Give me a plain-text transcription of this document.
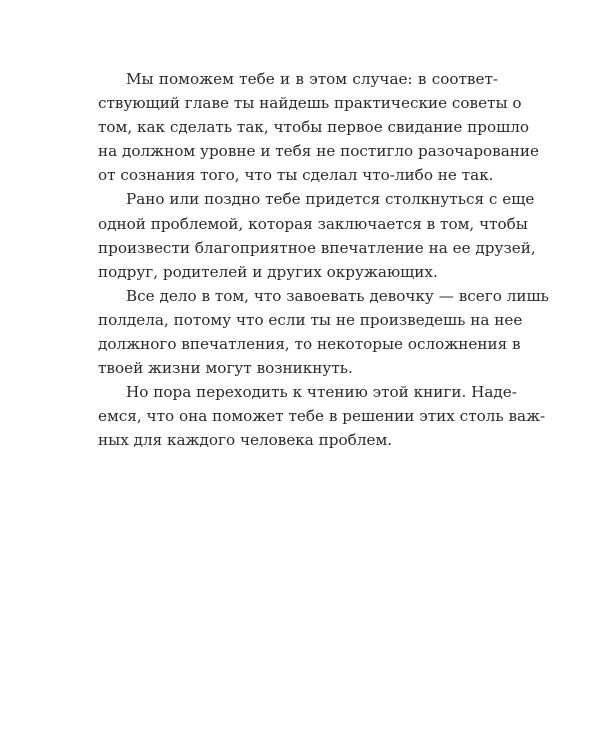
Мы поможем тебе и в этом случае: в соответ-
ствующий главе ты найдешь практические советы о
том, как сделать так, чтобы первое свидание прошло
на должном уровне и тебя не постигло разочарование
от сознания того, что ты сделал что-либо не так.

Рано или поздно тебе придется столкнуться с еще
одной проблемой, которая заключается в том, чтобы
произвести благоприятное впечатление на ее друзей,
подруг, родителей и других окружающих.

Все дело в том, что завоевать девочку — всего лишь
полдела, потому что если ты не произведешь на нее
должного впечатления, то некоторые осложнения в
твоей жизни могут возникнуть.

Но пора переходить к чтению этой книги. Наде-
емся, что она поможет тебе в решении этих столь важ-
ных для каждого человека проблем.
